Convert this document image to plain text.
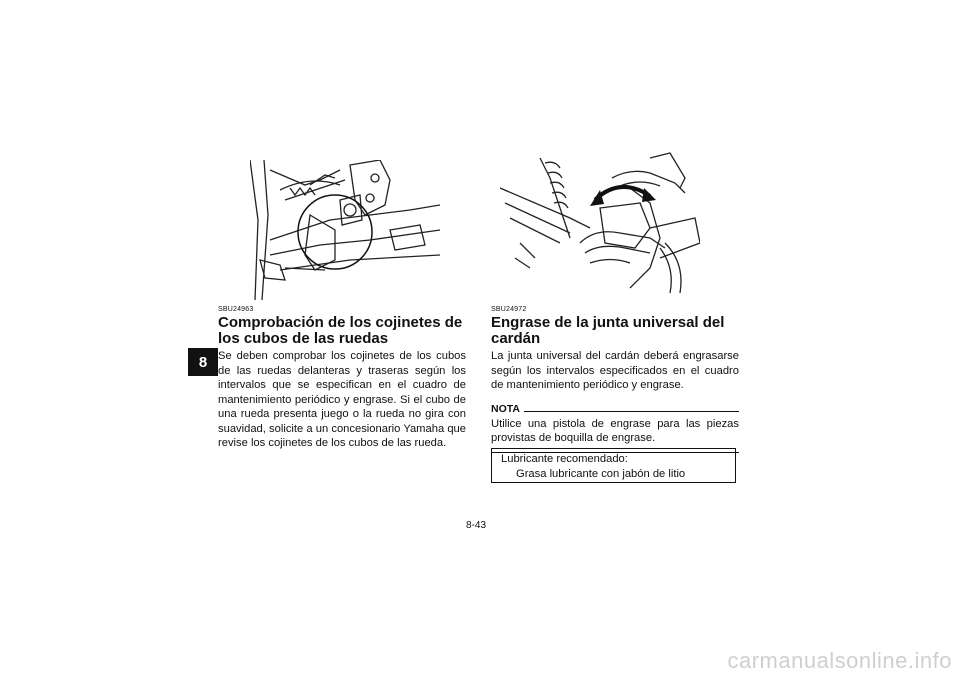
8
SBU24963
Comprobación de los cojinetes de los cubos de las ruedas

Se deben comprobar los cojinetes de los cubos de las ruedas delanteras y traseras según los intervalos que se especifican en el cuadro de mantenimiento periódico y engrase. Si el cubo de una rueda presenta juego o la rueda no gira con suavidad, solicite a un concesionario Yamaha que revise los cojinetes de los cubos de las rueda.

SBU24972
Engrase de la junta universal del cardán

La junta universal del cardán deberá engrasarse según los intervalos especificados en el cuadro de mantenimiento periódico y engrase.

NOTA

Utilice una pistola de engrase para las piezas provistas de boquilla de engrase.

Lubricante recomendado:
Grasa lubricante con jabón de litio
8-43
carmanualsonline.info
